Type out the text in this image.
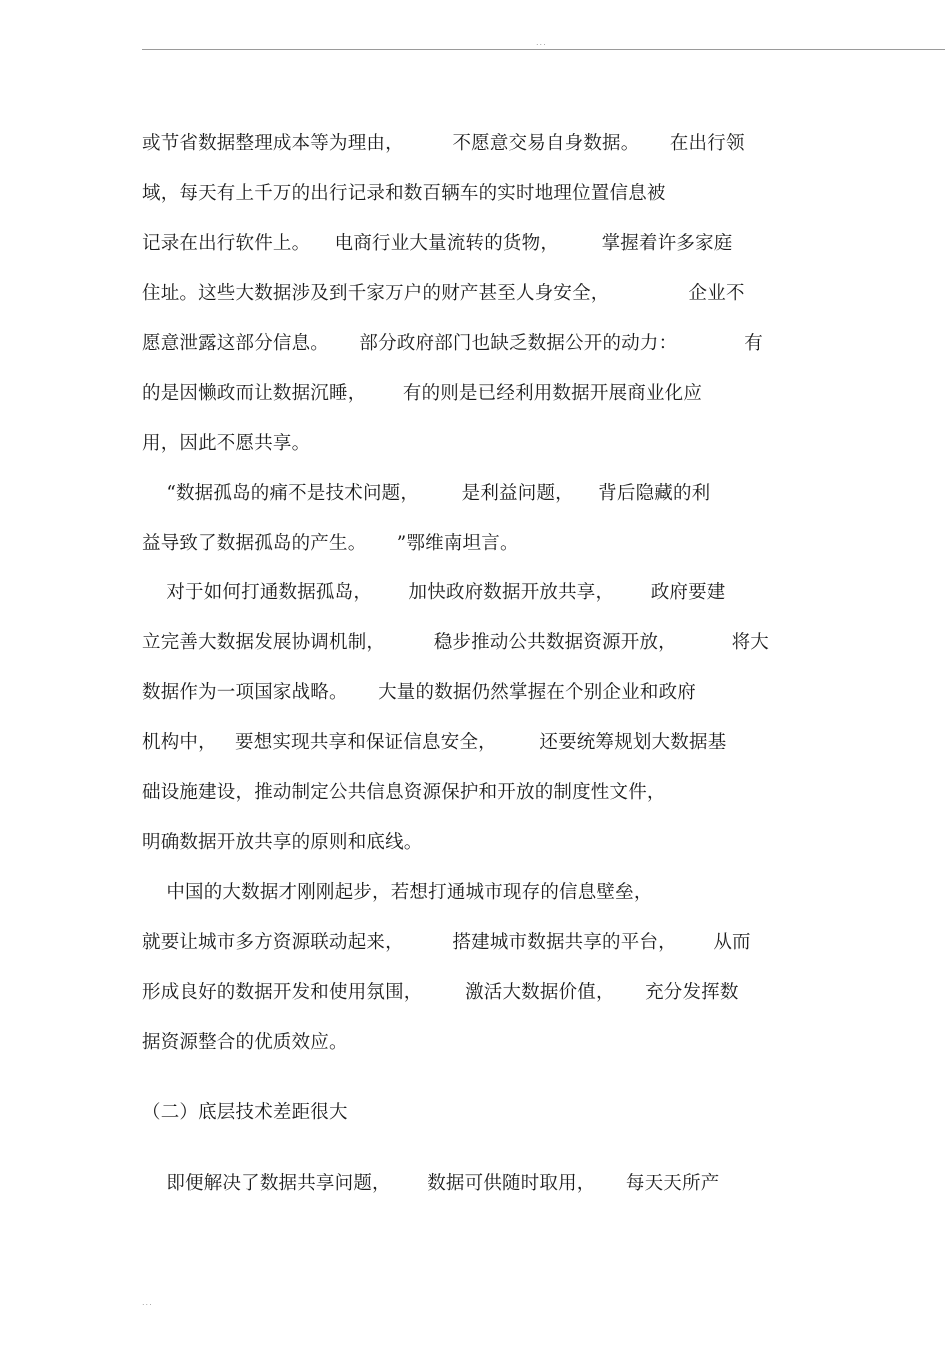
...
或节省数据整理成本等为理由，        不愿意交易自身数据。     在出行领
域，每天有上千万的出行记录和数百辆车的实时地理位置信息被
记录在出行软件上。    电商行业大量流转的货物，       掌握着许多家庭
住址。这些大数据涉及到千家万户的财产甚至人身安全，             企业不
愿意泄露这部分信息。     部分政府部门也缺乏数据公开的动力：           有
的是因懒政而让数据沉睡，      有的则是已经利用数据开展商业化应
用，因此不愿共享。
“数据孤岛的痛不是技术问题，       是利益问题，    背后隐藏的利
益导致了数据孤岛的产生。     ”鄂维南坦言。
对于如何打通数据孤岛，      加快政府数据开放共享，      政府要建
立完善大数据发展协调机制，        稳步推动公共数据资源开放，         将大
数据作为一项国家战略。     大量的数据仍然掌握在个别企业和政府
机构中，   要想实现共享和保证信息安全，       还要统筹规划大数据基
础设施建设，推动制定公共信息资源保护和开放的制度性文件，
明确数据开放共享的原则和底线。
中国的大数据才刚刚起步，若想打通城市现存的信息壁垒，
就要让城市多方资源联动起来，        搭建城市数据共享的平台，      从而
形成良好的数据开发和使用氛围，       激活大数据价值，     充分发挥数
据资源整合的优质效应。
（二）底层技术差距很大
即便解决了数据共享问题，      数据可供随时取用，     每天天所产
...
